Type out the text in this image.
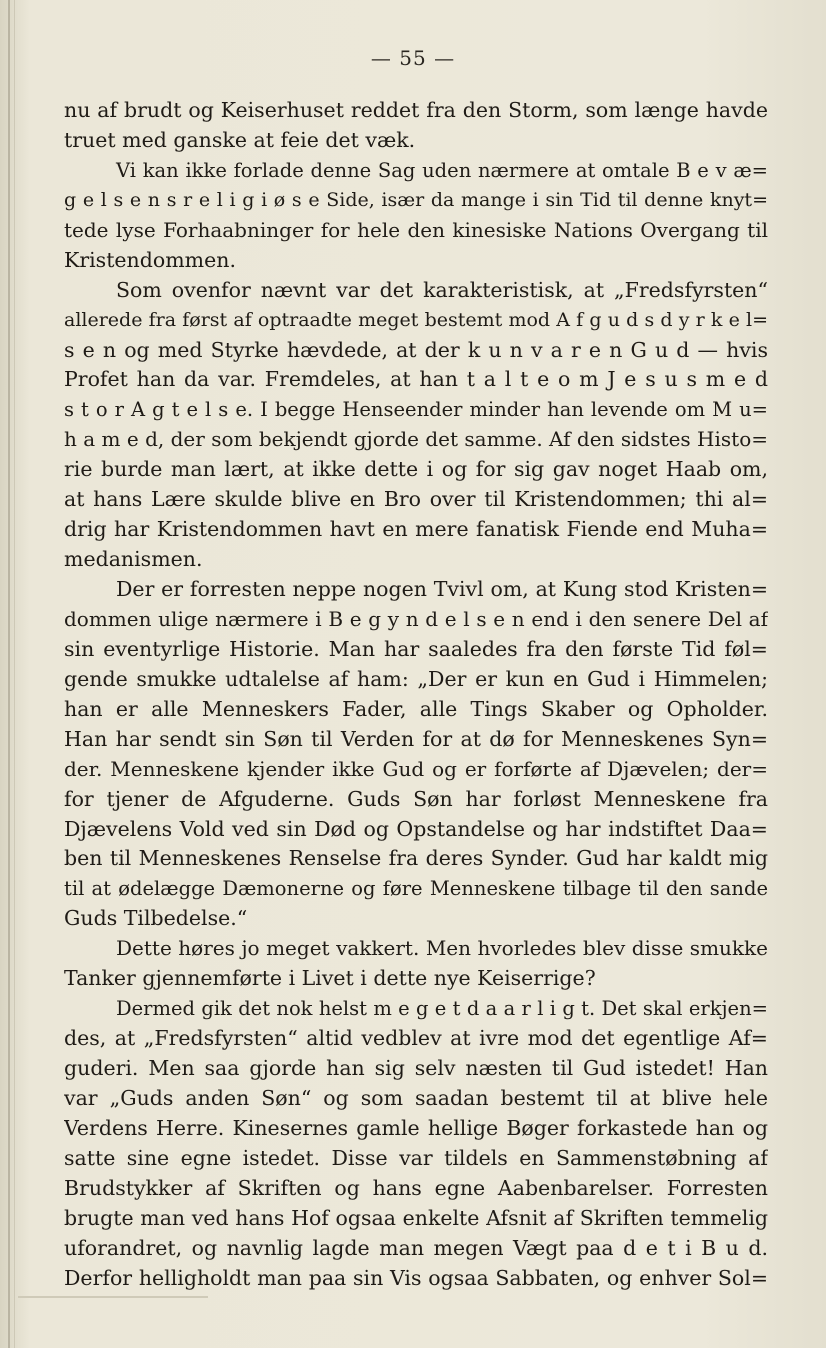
— 55 —
nu af brudt og Keiserhuset reddet fra den Storm, som længe havde
truet med ganske at feie det væk.
Vi kan ikke forlade denne Sag uden nærmere at omtale B e v æ=
g e l s e n s r e l i g i ø s e Side, især da mange i sin Tid til denne knyt=
tede lyse Forhaabninger for hele den kinesiske Nations Overgang til
Kristendommen.
Som ovenfor nævnt var det karakteristisk, at „Fredsfyrsten“
allerede fra først af optraadte meget bestemt mod A f g u d s d y r k e l=
s e n og med Styrke hævdede, at der k u n v a r e n G u d — hvis
Profet han da var. Fremdeles, at han t a l t e o m J e s u s m e d
s t o r A g t e l s e. I begge Henseender minder han levende om M u=
h a m e d, der som bekjendt gjorde det samme. Af den sidstes Histo=
rie burde man lært, at ikke dette i og for sig gav noget Haab om,
at hans Lære skulde blive en Bro over til Kristendommen; thi al=
drig har Kristendommen havt en mere fanatisk Fiende end Muha=
medanismen.
Der er forresten neppe nogen Tvivl om, at Kung stod Kristen=
dommen ulige nærmere i B e g y n d e l s e n end i den senere Del af
sin eventyrlige Historie. Man har saaledes fra den første Tid føl=
gende smukke udtalelse af ham: „Der er kun en Gud i Himmelen;
han er alle Menneskers Fader, alle Tings Skaber og Opholder.
Han har sendt sin Søn til Verden for at dø for Menneskenes Syn=
der. Menneskene kjender ikke Gud og er forførte af Djævelen; der=
for tjener de Afguderne. Guds Søn har forløst Menneskene fra
Djævelens Vold ved sin Død og Opstandelse og har indstiftet Daa=
ben til Menneskenes Renselse fra deres Synder. Gud har kaldt mig
til at ødelægge Dæmonerne og føre Menneskene tilbage til den sande
Guds Tilbedelse.“
Dette høres jo meget vakkert. Men hvorledes blev disse smukke
Tanker gjennemførte i Livet i dette nye Keiserrige?
Dermed gik det nok helst m e g e t d a a r l i g t. Det skal erkjen=
des, at „Fredsfyrsten“ altid vedblev at ivre mod det egentlige Af=
guderi. Men saa gjorde han sig selv næsten til Gud istedet! Han
var „Guds anden Søn“ og som saadan bestemt til at blive hele
Verdens Herre. Kinesernes gamle hellige Bøger forkastede han og
satte sine egne istedet. Disse var tildels en Sammenstøbning af
Brudstykker af Skriften og hans egne Aabenbarelser. Forresten
brugte man ved hans Hof ogsaa enkelte Afsnit af Skriften temmelig
uforandret, og navnlig lagde man megen Vægt paa d e t i B u d.
Derfor helligholdt man paa sin Vis ogsaa Sabbaten, og enhver Sol=
